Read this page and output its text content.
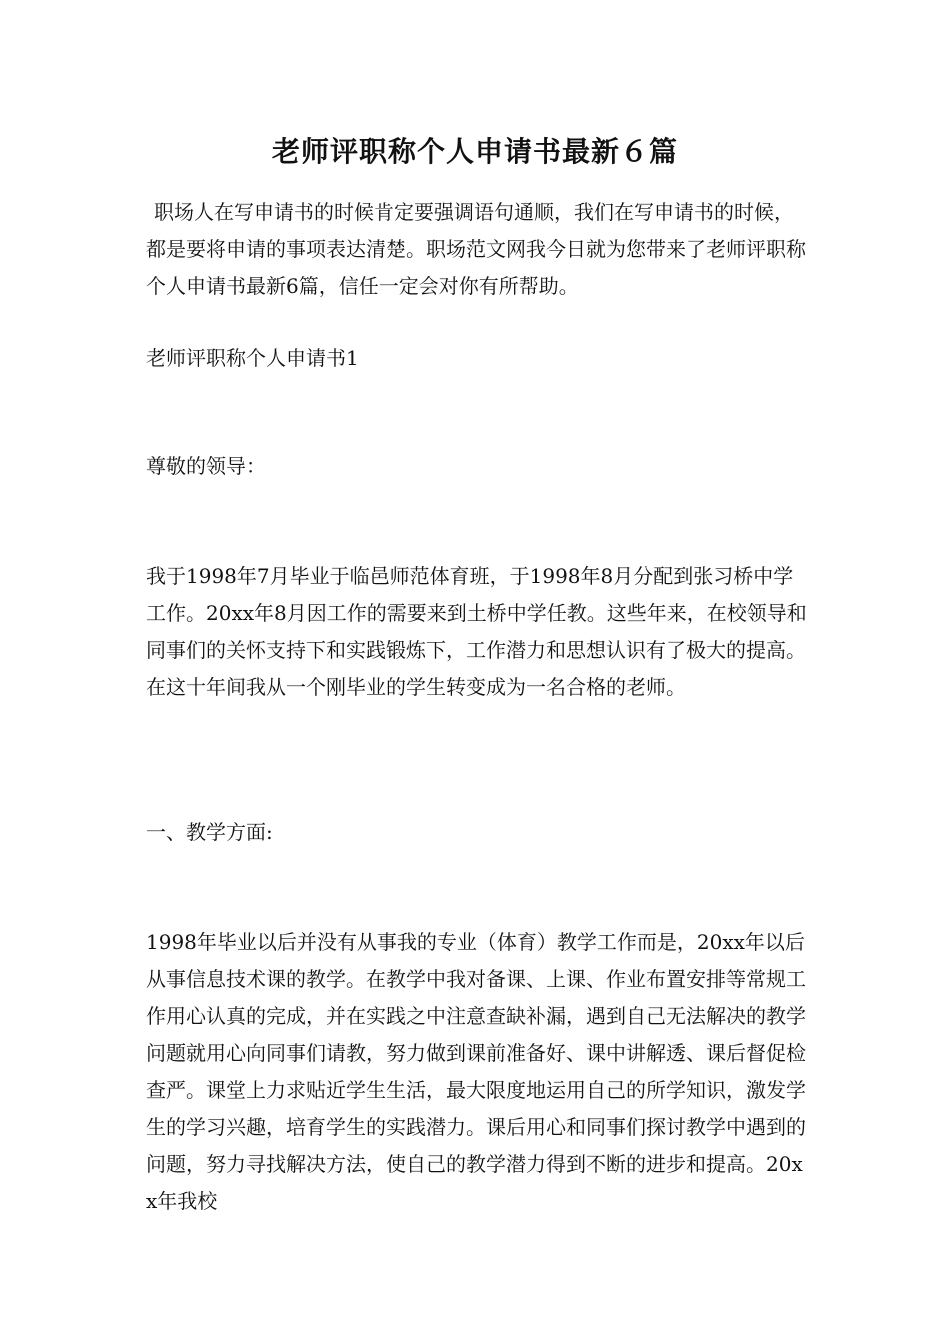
老师评职称个人申请书最新６篇

职场人在写申请书的时候肯定要强调语句通顺，我们在写申请书的时候，都是要将申请的事项表达清楚。职场范文网我今日就为您带来了老师评职称个人申请书最新6篇，信任一定会对你有所帮助。

老师评职称个人申请书1

尊敬的领导：

我于1998年7月毕业于临邑师范体育班，于1998年8月分配到张习桥中学工作。20xx年8月因工作的需要来到土桥中学任教。这些年来，在校领导和同事们的关怀支持下和实践锻炼下，工作潜力和思想认识有了极大的提高。在这十年间我从一个刚毕业的学生转变成为一名合格的老师。

一、教学方面:

1998年毕业以后并没有从事我的专业（体育）教学工作而是，20xx年以后从事信息技术课的教学。在教学中我对备课、上课、作业布置安排等常规工作用心认真的完成，并在实践之中注意查缺补漏，遇到自己无法解决的教学问题就用心向同事们请教，努力做到课前准备好、课中讲解透、课后督促检查严。课堂上力求贴近学生生活，最大限度地运用自己的所学知识，激发学生的学习兴趣，培育学生的实践潜力。课后用心和同事们探讨教学中遇到的问题，努力寻找解决方法，使自己的教学潜力得到不断的进步和提高。20xx年我校
